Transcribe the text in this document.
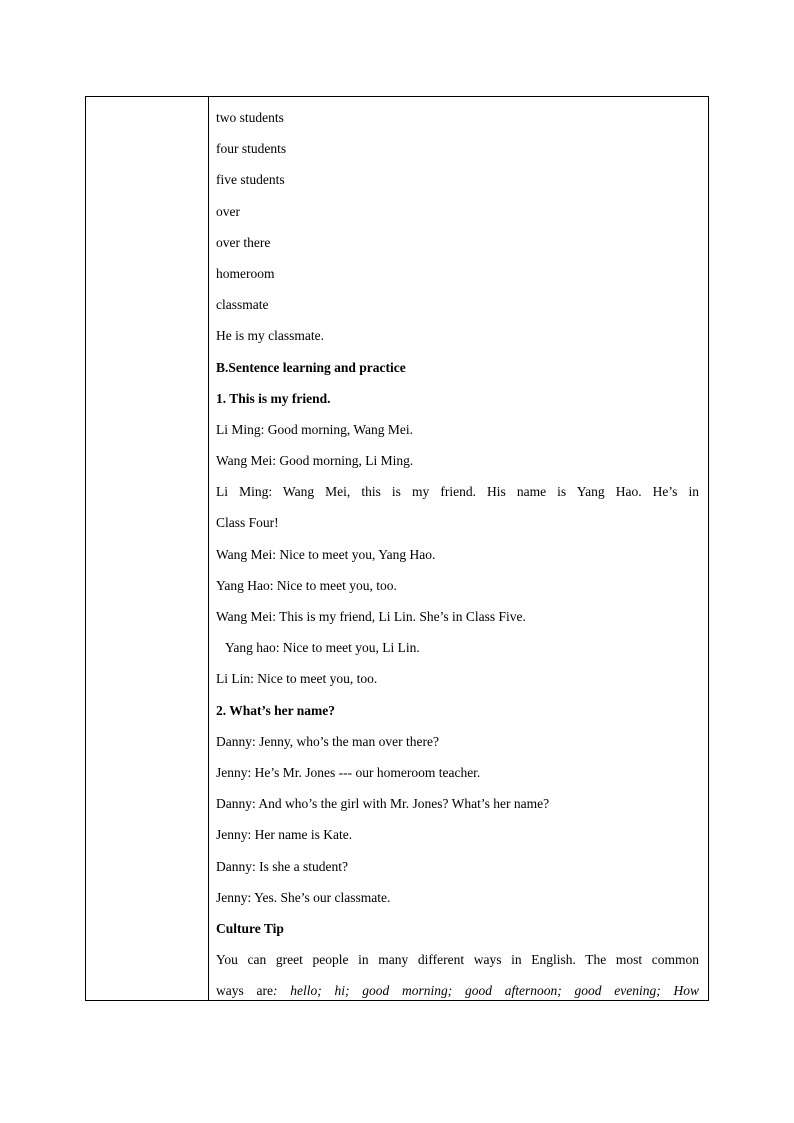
two students
four students
five students
over
over there
homeroom
classmate
He is my classmate.
B.Sentence learning and practice
1. This is my friend.
Li Ming: Good morning, Wang Mei.
Wang Mei: Good morning, Li Ming.
Li Ming: Wang Mei, this is my friend. His name is Yang Hao. He’s in
Class Four!
Wang Mei: Nice to meet you, Yang Hao.
Yang Hao: Nice to meet you, too.
Wang Mei: This is my friend, Li Lin. She’s in Class Five.
Yang hao: Nice to meet you, Li Lin.
Li Lin: Nice to meet you, too.
2. What’s her name?
Danny: Jenny, who’s the man over there?
Jenny: He’s Mr. Jones --- our homeroom teacher.
Danny: And who’s the girl with Mr. Jones? What’s her name?
Jenny: Her name is Kate.
Danny: Is she a student?
Jenny: Yes. She’s our classmate.
Culture Tip
You can greet people in many different ways in English. The most common
ways are: hello; hi; good morning; good afternoon; good evening; How
